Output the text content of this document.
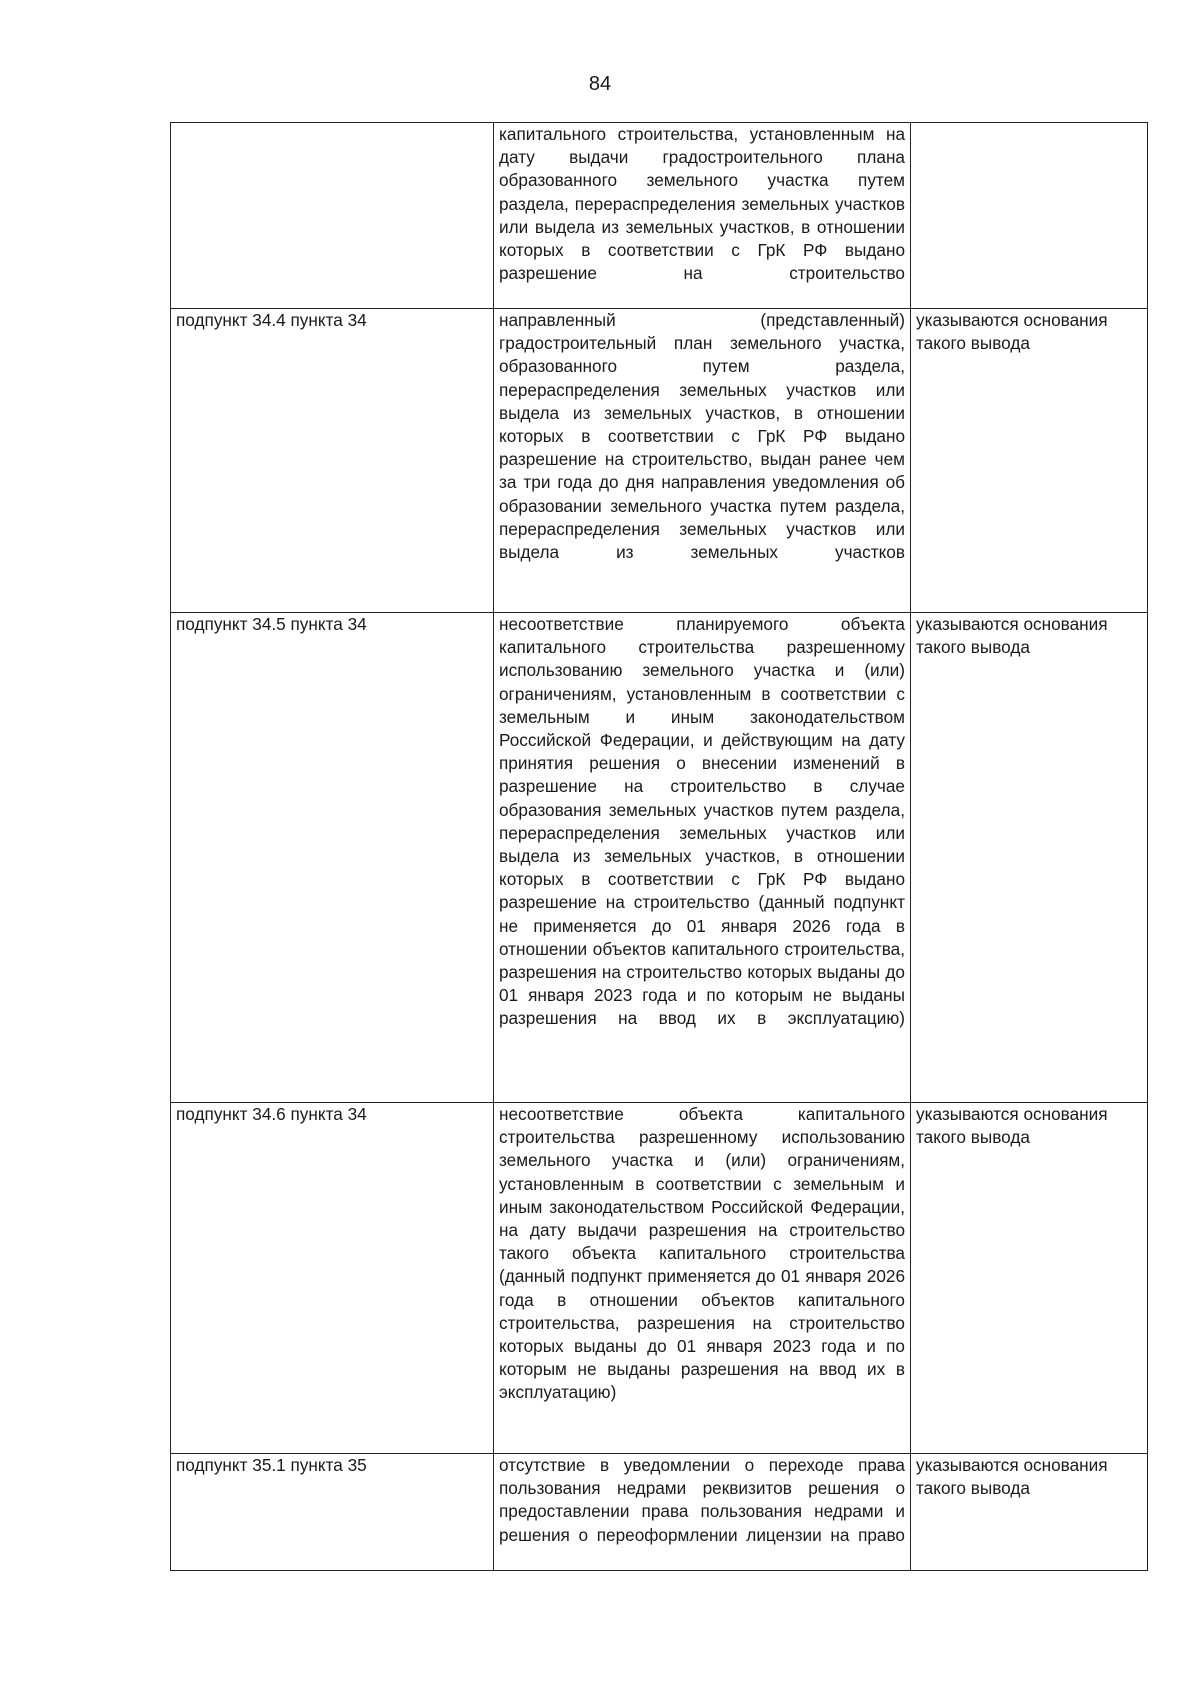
84
	капитального строительства, установленным на дату выдачи градостроительного плана образованного земельного участка путем раздела, перераспределения земельных участков или выдела из земельных участков, в отношении которых в соответствии с ГрК РФ выдано разрешение на строительство	
подпункт 34.4 пункта 34	направленный (представленный) градостроительный план земельного участка, образованного путем раздела, перераспределения земельных участков или выдела из земельных участков, в отношении которых в соответствии с ГрК РФ выдано разрешение на строительство, выдан ранее чем за три года до дня направления уведомления об образовании земельного участка путем раздела, перераспределения земельных участков или выдела из земельных участков	указываются основания такого вывода
подпункт 34.5 пункта 34	несоответствие планируемого объекта капитального строительства разрешенному использованию земельного участка и (или) ограничениям, установленным в соответствии с земельным и иным законодательством Российской Федерации, и действующим на дату принятия решения о внесении изменений в разрешение на строительство в случае образования земельных участков путем раздела, перераспределения земельных участков или выдела из земельных участков, в отношении которых в соответствии с ГрК РФ выдано разрешение на строительство (данный подпункт не применяется до 01 января 2026 года в отношении объектов капитального строительства, разрешения на строительство которых выданы до 01 января 2023 года и по которым не выданы разрешения на ввод их в эксплуатацию)	указываются основания такого вывода
подпункт 34.6 пункта 34	несоответствие объекта капитального строительства разрешенному использованию земельного участка и (или) ограничениям, установленным в соответствии с земельным и иным законодательством Российской Федерации, на дату выдачи разрешения на строительство такого объекта капитального строительства (данный подпункт применяется до 01 января 2026 года в отношении объектов капитального строительства, разрешения на строительство которых выданы до 01 января 2023 года и по которым не выданы разрешения на ввод их в эксплуатацию)	указываются основания такого вывода
подпункт 35.1 пункта 35	отсутствие в уведомлении о переходе права пользования недрами реквизитов решения о предоставлении права пользования недрами и решения о переоформлении лицензии на право	указываются основания такого вывода
